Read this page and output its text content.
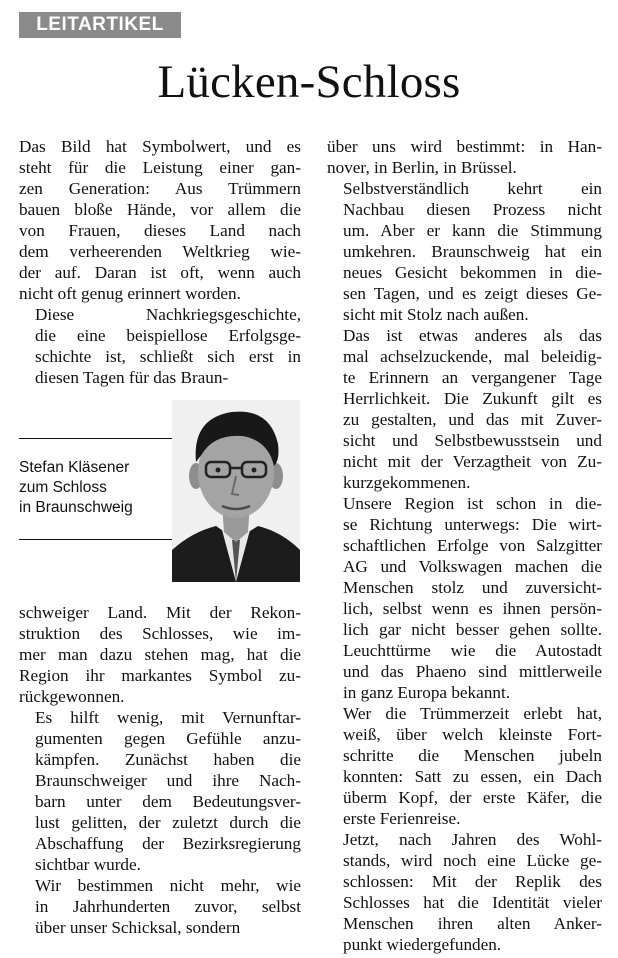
LEITARTIKEL
Lücken-Schloss

Das Bild hat Symbolwert, und es
steht für die Leistung einer gan-
zen Generation: Aus Trümmern
bauen bloße Hände, vor allem die
von Frauen, dieses Land nach
dem verheerenden Weltkrieg wie-
der auf. Daran ist oft, wenn auch
nicht oft genug erinnert worden.

Diese Nachkriegsgeschichte,
die eine beispiellose Erfolgsge-
schichte ist, schließt sich erst in
diesen Tagen für das Braun-

Stefan Kläsener
zum Schloss
in Braunschweig

schweiger Land. Mit der Rekon-
struktion des Schlosses, wie im-
mer man dazu stehen mag, hat die
Region ihr markantes Symbol zu-
rückgewonnen.

Es hilft wenig, mit Vernunftar-
gumenten gegen Gefühle anzu-
kämpfen. Zunächst haben die
Braunschweiger und ihre Nach-
barn unter dem Bedeutungsver-
lust gelitten, der zuletzt durch die
Abschaffung der Bezirksregierung
sichtbar wurde.

Wir bestimmen nicht mehr, wie
in Jahrhunderten zuvor, selbst
über unser Schicksal, sondern

über uns wird bestimmt: in Han-
nover, in Berlin, in Brüssel.

Selbstverständlich kehrt ein
Nachbau diesen Prozess nicht
um. Aber er kann die Stimmung
umkehren. Braunschweig hat ein
neues Gesicht bekommen in die-
sen Tagen, und es zeigt dieses Ge-
sicht mit Stolz nach außen.

Das ist etwas anderes als das
mal achselzuckende, mal beleidig-
te Erinnern an vergangener Tage
Herrlichkeit. Die Zukunft gilt es
zu gestalten, und das mit Zuver-
sicht und Selbstbewusstsein und
nicht mit der Verzagtheit von Zu-
kurzgekommenen.

Unsere Region ist schon in die-
se Richtung unterwegs: Die wirt-
schaftlichen Erfolge von Salzgitter
AG und Volkswagen machen die
Menschen stolz und zuversicht-
lich, selbst wenn es ihnen persön-
lich gar nicht besser gehen sollte.
Leuchttürme wie die Autostadt
und das Phaeno sind mittlerweile
in ganz Europa bekannt.

Wer die Trümmerzeit erlebt hat,
weiß, über welch kleinste Fort-
schritte die Menschen jubeln
konnten: Satt zu essen, ein Dach
überm Kopf, der erste Käfer, die
erste Ferienreise.

Jetzt, nach Jahren des Wohl-
stands, wird noch eine Lücke ge-
schlossen: Mit der Replik des
Schlosses hat die Identität vieler
Menschen ihren alten Anker-
punkt wiedergefunden.
